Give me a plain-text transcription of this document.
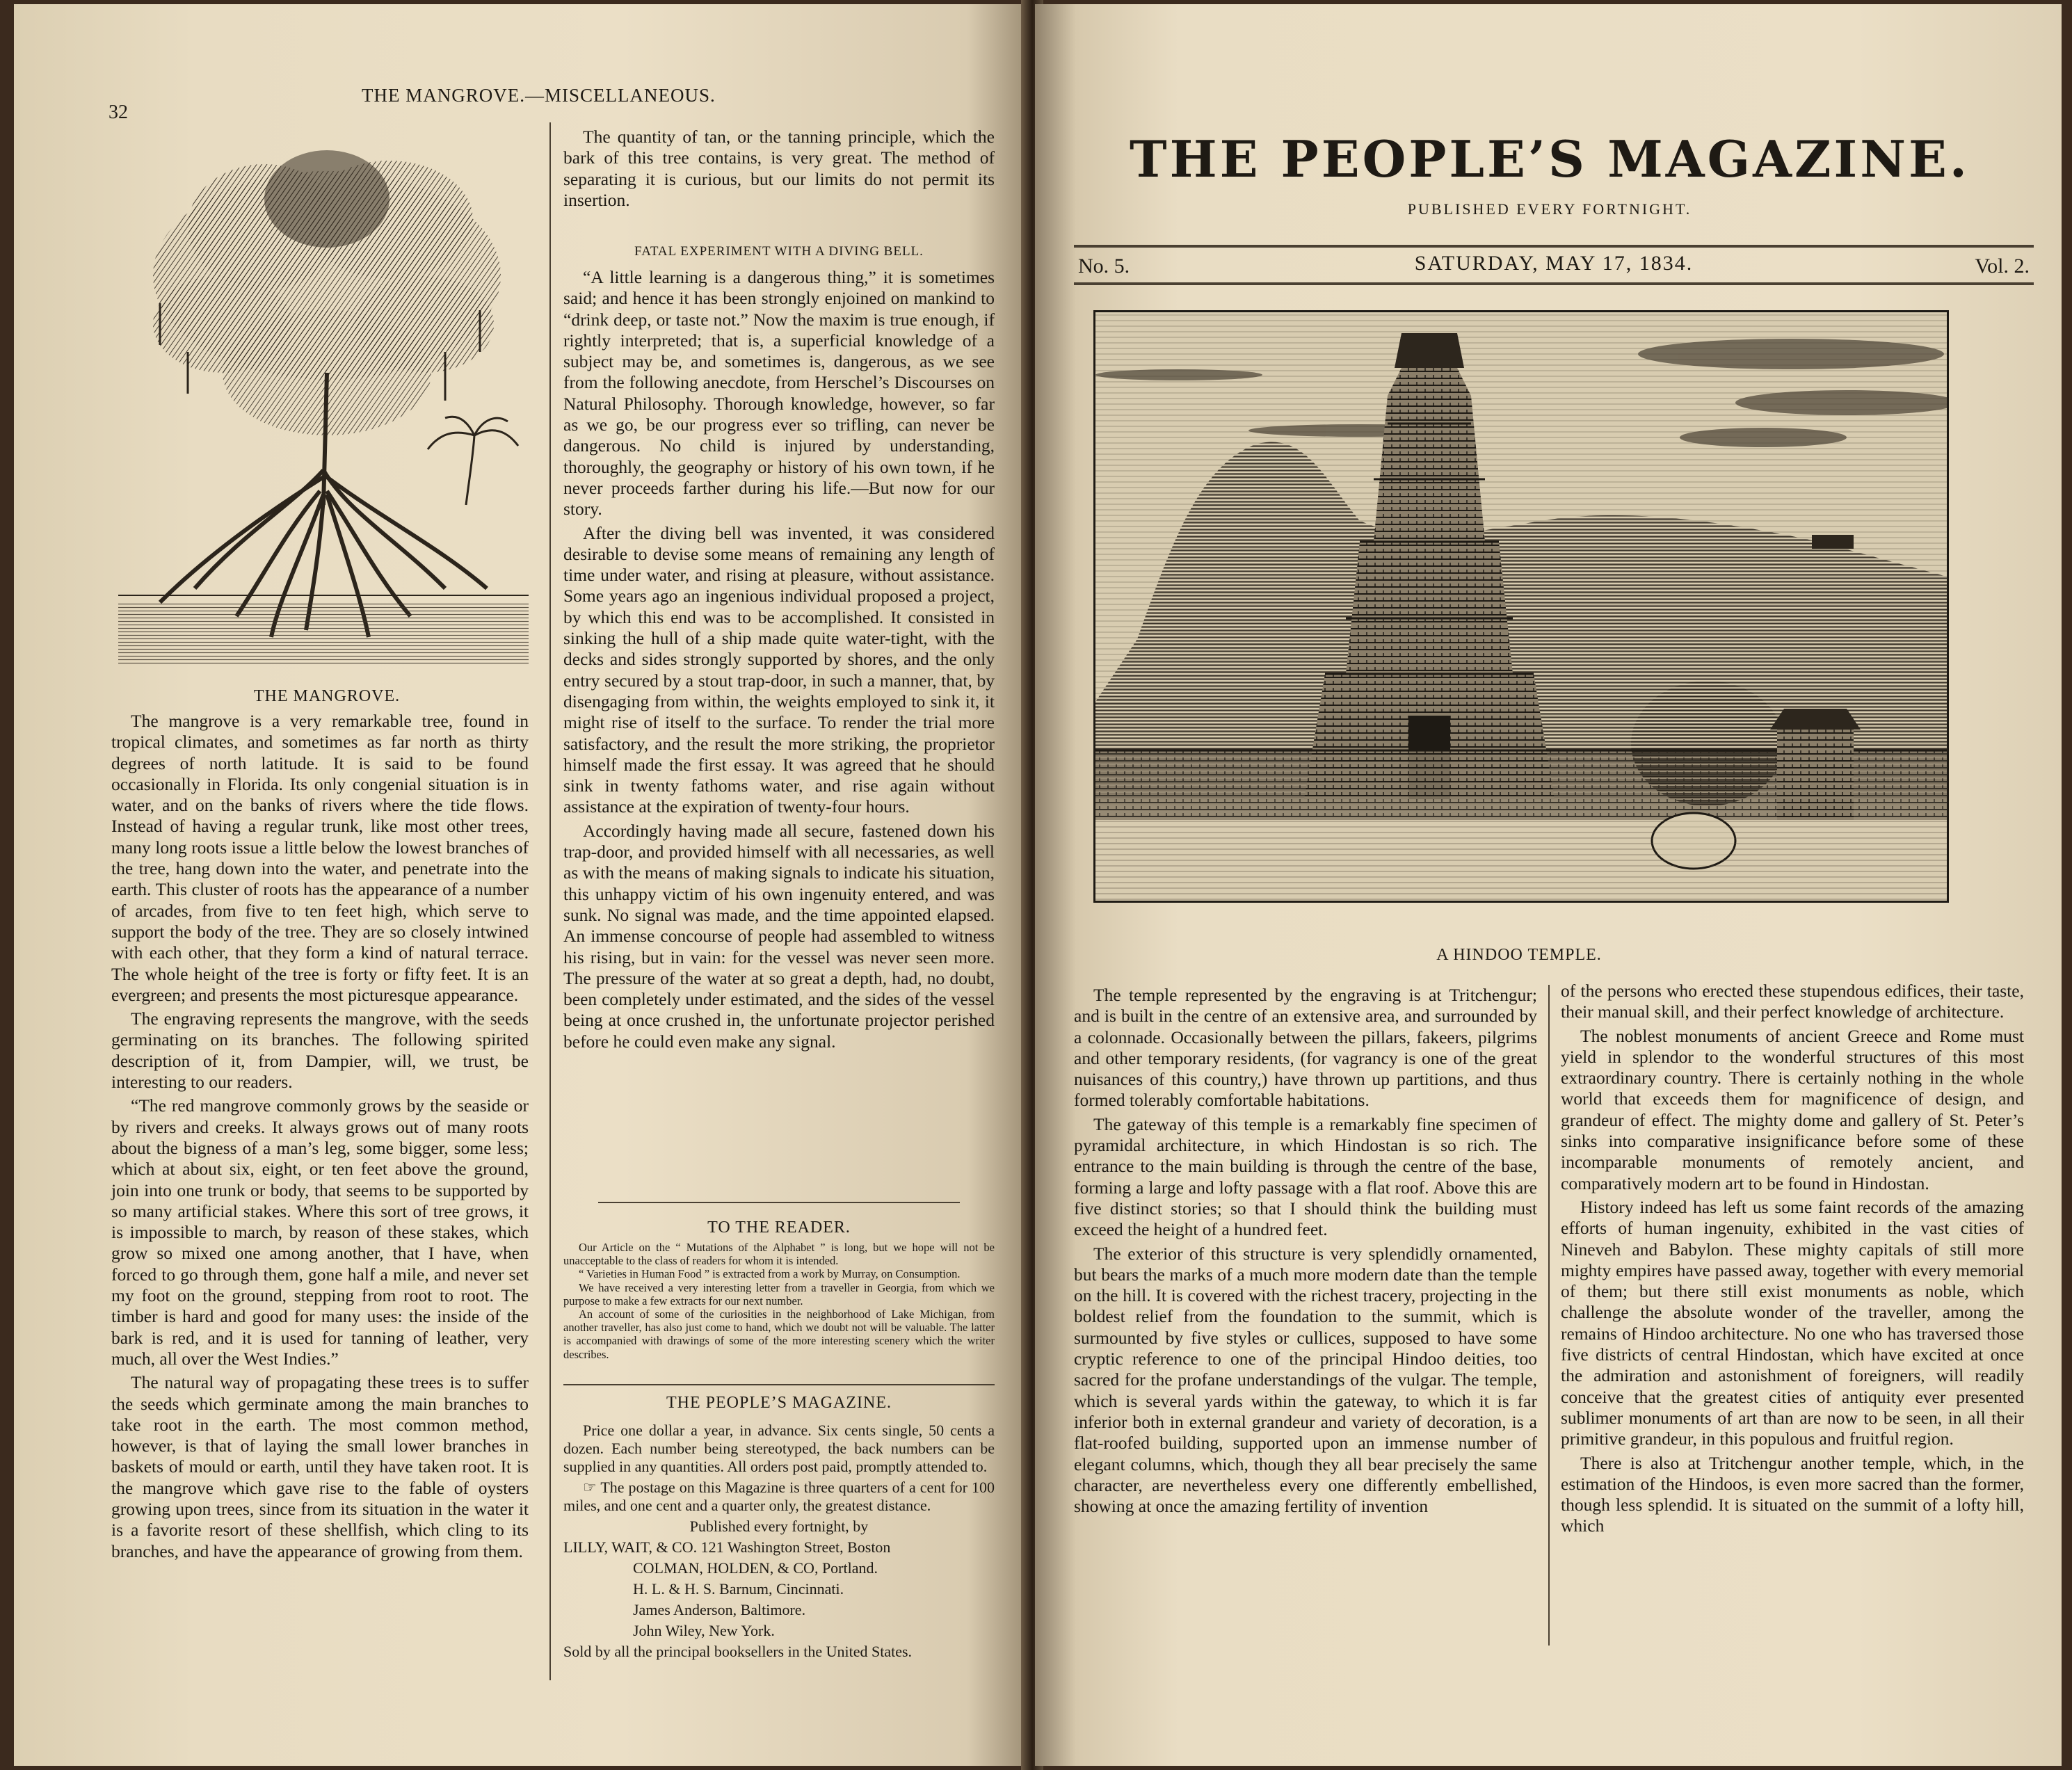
32
THE MANGROVE.—MISCELLANEOUS.
THE MANGROVE.

The mangrove is a very remarkable tree, found in tropical climates, and sometimes as far north as thirty degrees of north latitude. It is said to be found occasionally in Florida. Its only congenial situation is in water, and on the banks of rivers where the tide flows. Instead of having a regular trunk, like most other trees, many long roots issue a little below the lowest branches of the tree, hang down into the water, and penetrate into the earth. This cluster of roots has the appearance of a number of arcades, from five to ten feet high, which serve to support the body of the tree. They are so closely intwined with each other, that they form a kind of natural terrace. The whole height of the tree is forty or fifty feet. It is an evergreen; and presents the most picturesque appearance.

The engraving represents the mangrove, with the seeds germinating on its branches. The following spirited description of it, from Dampier, will, we trust, be interesting to our readers.

“The red mangrove commonly grows by the seaside or by rivers and creeks. It always grows out of many roots about the bigness of a man’s leg, some bigger, some less; which at about six, eight, or ten feet above the ground, join into one trunk or body, that seems to be supported by so many artificial stakes. Where this sort of tree grows, it is impossible to march, by reason of these stakes, which grow so mixed one among another, that I have, when forced to go through them, gone half a mile, and never set my foot on the ground, stepping from root to root. The timber is hard and good for many uses: the inside of the bark is red, and it is used for tanning of leather, very much, all over the West Indies.”

The natural way of propagating these trees is to suffer the seeds which germinate among the main branches to take root in the earth. The most common method, however, is that of laying the small lower branches in baskets of mould or earth, until they have taken root. It is the mangrove which gave rise to the fable of oysters growing upon trees, since from its situation in the water it is a favorite resort of these shellfish, which cling to its branches, and have the appearance of growing from them.

The quantity of tan, or the tanning principle, which the bark of this tree contains, is very great. The method of separating it is curious, but our limits do not permit its insertion.

FATAL EXPERIMENT WITH A DIVING BELL.

“A little learning is a dangerous thing,” it is sometimes said; and hence it has been strongly enjoined on mankind to “drink deep, or taste not.” Now the maxim is true enough, if rightly interpreted; that is, a superficial knowledge of a subject may be, and sometimes is, dangerous, as we see from the following anecdote, from Herschel’s Discourses on Natural Philosophy. Thorough knowledge, however, so far as we go, be our progress ever so trifling, can never be dangerous. No child is injured by understanding, thoroughly, the geography or history of his own town, if he never proceeds farther during his life.—But now for our story.

After the diving bell was invented, it was considered desirable to devise some means of remaining any length of time under water, and rising at pleasure, without assistance. Some years ago an ingenious individual proposed a project, by which this end was to be accomplished. It consisted in sinking the hull of a ship made quite water-tight, with the decks and sides strongly supported by shores, and the only entry secured by a stout trap-door, in such a manner, that, by disengaging from within, the weights employed to sink it, it might rise of itself to the surface. To render the trial more satisfactory, and the result the more striking, the proprietor himself made the first essay. It was agreed that he should sink in twenty fathoms water, and rise again without assistance at the expiration of twenty-four hours.

Accordingly having made all secure, fastened down his trap-door, and provided himself with all necessaries, as well as with the means of making signals to indicate his situation, this unhappy victim of his own ingenuity entered, and was sunk. No signal was made, and the time appointed elapsed. An immense concourse of people had assembled to witness his rising, but in vain: for the vessel was never seen more. The pressure of the water at so great a depth, had, no doubt, been completely under estimated, and the sides of the vessel being at once crushed in, the unfortunate projector perished before he could even make any signal.

TO THE READER.

Our Article on the “ Mutations of the Alphabet ” is long, but we hope will not be unacceptable to the class of readers for whom it is intended.

“ Varieties in Human Food ” is extracted from a work by Murray, on Consumption.

We have received a very interesting letter from a traveller in Georgia, from which we purpose to make a few extracts for our next number.

An account of some of the curiosities in the neighborhood of Lake Michigan, from another traveller, has also just come to hand, which we doubt not will be valuable. The latter is accompanied with drawings of some of the more interesting scenery which the writer describes.

THE PEOPLE’S MAGAZINE.

Price one dollar a year, in advance. Six cents single, 50 cents a dozen. Each number being stereotyped, the back numbers can be supplied in any quantities. All orders post paid, promptly attended to.

☞ The postage on this Magazine is three quarters of a cent for 100 miles, and one cent and a quarter only, the greatest distance.

Published every fortnight, by

LILLY, WAIT, & CO. 121 Washington Street, Boston

COLMAN, HOLDEN, & CO, Portland.

H. L. & H. S. Barnum, Cincinnati.

James Anderson, Baltimore.

John Wiley, New York.

Sold by all the principal booksellers in the United States.

THE PEOPLE’S MAGAZINE.
PUBLISHED EVERY FORTNIGHT.
No. 5.	SATURDAY, MAY 17, 1834.	Vol. 2.
A HINDOO TEMPLE.

The temple represented by the engraving is at Tritchengur; and is built in the centre of an extensive area, and surrounded by a colonnade. Occasionally between the pillars, fakeers, pilgrims and other temporary residents, (for vagrancy is one of the great nuisances of this country,) have thrown up partitions, and thus formed tolerably comfortable habitations.

The gateway of this temple is a remarkably fine specimen of pyramidal architecture, in which Hindostan is so rich. The entrance to the main building is through the centre of the base, forming a large and lofty passage with a flat roof. Above this are five distinct stories; so that I should think the building must exceed the height of a hundred feet.

The exterior of this structure is very splendidly ornamented, but bears the marks of a much more modern date than the temple on the hill. It is covered with the richest tracery, projecting in the boldest relief from the foundation to the summit, which is surmounted by five styles or cullices, supposed to have some cryptic reference to one of the principal Hindoo deities, too sacred for the profane understandings of the vulgar. The temple, which is several yards within the gateway, to which it is far inferior both in external grandeur and variety of decoration, is a flat-roofed building, supported upon an immense number of elegant columns, which, though they all bear precisely the same character, are nevertheless every one differently embellished, showing at once the amazing fertility of invention

of the persons who erected these stupendous edifices, their taste, their manual skill, and their perfect knowledge of architecture.

The noblest monuments of ancient Greece and Rome must yield in splendor to the wonderful structures of this most extraordinary country. There is certainly nothing in the whole world that exceeds them for magnificence of design, and grandeur of effect. The mighty dome and gallery of St. Peter’s sinks into comparative insignificance before some of these incomparable monuments of remotely ancient, and comparatively modern art to be found in Hindostan.

History indeed has left us some faint records of the amazing efforts of human ingenuity, exhibited in the vast cities of Nineveh and Babylon. These mighty capitals of still more mighty empires have passed away, together with every memorial of them; but there still exist monuments as noble, which challenge the absolute wonder of the traveller, among the remains of Hindoo architecture. No one who has traversed those five districts of central Hindostan, which have excited at once the admiration and astonishment of foreigners, will readily conceive that the greatest cities of antiquity ever presented sublimer monuments of art than are now to be seen, in all their primitive grandeur, in this populous and fruitful region.

There is also at Tritchengur another temple, which, in the estimation of the Hindoos, is even more sacred than the former, though less splendid. It is situated on the summit of a lofty hill, which
